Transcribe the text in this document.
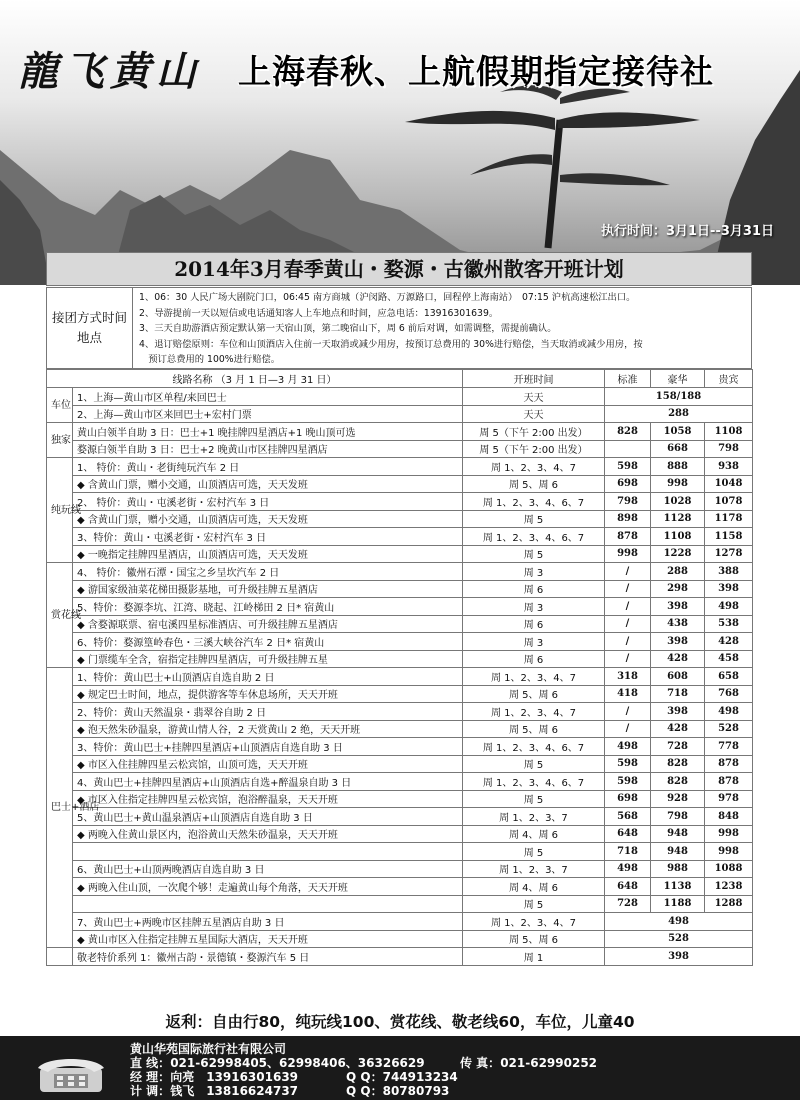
龍飞黄山 上海春秋、上航假期指定接待社
执行时间：3月1日--3月31日
2014年3月春季黄山・婺源・古徽州散客开班计划
接团方式时间地点
1、06：30 人民广场大剧院门口，06:45 南方商城（沪闵路、万源路口，回程停上海南站）　07:15 沪杭高速松江出口。
2、导游提前一天以短信或电话通知客人上车地点和时间，应急电话：13916301639。
3、三天自助游酒店预定默认第一天宿山顶，第二晚宿山下，周 6 前后对调，如需调整，需提前确认。
4、退订赔偿原则：车位和山顶酒店入住前一天取消或减少用房，按预订总费用的 30%进行赔偿，当天取消或减少用房，按
　预订总费用的 100%进行赔偿。
线路名称 （3 月 1 日—3 月 31 日）		开班时间	标准	豪华	贵宾
车位	1、上海—黄山市区单程/来回巴士	天天	158/188		
	2、上海—黄山市区来回巴士+宏村门票	天天	288		
独家	黄山白领半自助 3 日：巴士+1 晚挂牌四星酒店+1 晚山顶可选	周 5（下午 2:00 出发）	828	1058	1108
	婺源白领半自助 3 日：巴士+2 晚黄山市区挂牌四星酒店	周 5（下午 2:00 出发）		668	798
纯玩线	1、 特价：黄山・老街纯玩汽车 2 日	周 1、2、3、4、7	598	888	938
	◆ 含黄山门票，赠小交通，山顶酒店可选，天天发班	周 5、周 6	698	998	1048
	2、 特价：黄山・屯溪老街・宏村汽车 3 日	周 1、2、3、4、6、7	798	1028	1078
	◆ 含黄山门票，赠小交通，山顶酒店可选，天天发班	周 5	898	1128	1178
	3、特价：黄山・屯溪老街・宏村汽车 3 日	周 1、2、3、4、6、7	878	1108	1158
	◆ 一晚指定挂牌四星酒店，山顶酒店可选，天天发班	周 5	998	1228	1278
赏花线	4、 特价：徽州石潭・国宝之乡呈坎汽车 2 日	周 3	/	288	388
	◆ 游国家级油菜花梯田摄影基地，可升级挂牌五星酒店	周 6	/	298	398
	5、特价：婺源李坑、江湾、晓起、江岭梯田 2 日* 宿黄山	周 3	/	398	498
	◆ 含婺源联票、宿屯溪四星标准酒店、可升级挂牌五星酒店	周 6	/	438	538
	6、特价：婺源篁岭春色・三溪大峡谷汽车 2 日* 宿黄山	周 3	/	398	428
	◆ 门票缆车全含，宿指定挂牌四星酒店，可升级挂牌五星	周 6	/	428	458
巴士+酒店	1、特价：黄山巴士+山顶酒店自选自助 2 日	周 1、2、3、4、7	318	608	658
	◆ 规定巴士时间，地点，提供游客等车休息场所，天天开班	周 5、周 6	418	718	768
	2、特价：黄山天然温泉・翡翠谷自助 2 日	周 1、2、3、4、7	/	398	498
	◆ 泡天然朱砂温泉，游黄山情人谷，2 天赏黄山 2 绝，天天开班	周 5、周 6	/	428	528
	3、特价：黄山巴士+挂牌四星酒店+山顶酒店自选自助 3 日	周 1、2、3、4、6、7	498	728	778
	◆ 市区入住挂牌四星云松宾馆，山顶可选，天天开班	周 5	598	828	878
	4、黄山巴士+挂牌四星酒店+山顶酒店自选+醉温泉自助 3 日	周 1、2、3、4、6、7	598	828	878
	◆ 市区入住指定挂牌四星云松宾馆，泡浴醉温泉，天天开班	周 5	698	928	978
	5、黄山巴士+黄山温泉酒店+山顶酒店自选自助 3 日	周 1、2、3、7	568	798	848
	◆ 两晚入住黄山景区内，泡浴黄山天然朱砂温泉，天天开班	周 4、周 6	648	948	998
		周 5	718	948	998
	6、黄山巴士+山顶两晚酒店自选自助 3 日	周 1、2、3、7	498	988	1088
	◆ 两晚入住山顶，一次爬个够！走遍黄山每个角落，天天开班	周 4、周 6	648	1138	1238
		周 5	728	1188	1288
	7、黄山巴士+两晚市区挂牌五星酒店自助 3 日	周 1、2、3、4、7	498		
	◆ 黄山市区入住指定挂牌五星国际大酒店，天天开班	周 5、周 6	528		
	敬老特价系列 1：徽州古韵・景德镇・婺源汽车 5 日	周 1	398		
返利：自由行80，纯玩线100、赏花线、敬老线60，车位，儿童40
黄山华苑国际旅行社有限公司
直 线：021-62998405、62998406、36326629	传 真：021-62990252
经 理：向亮　13916301639	Q Q：744913234
计 调：钱飞　13816624737	Q Q：80780793
